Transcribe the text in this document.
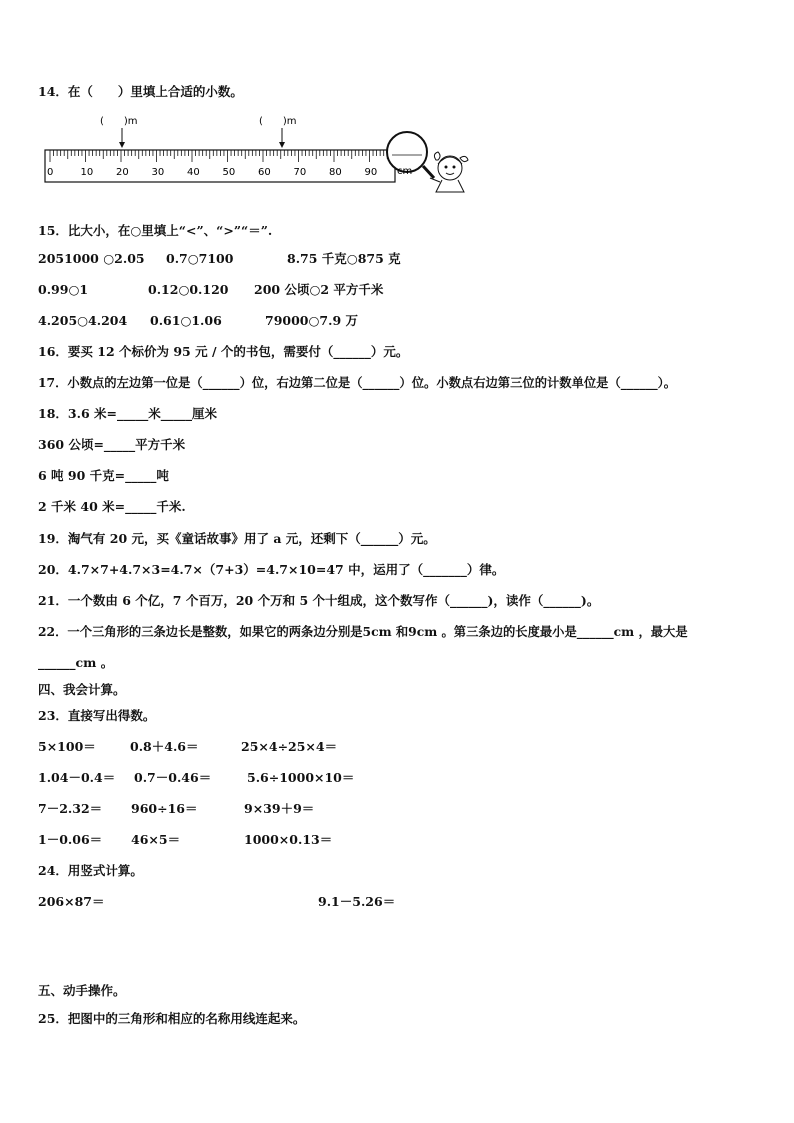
14．在（　　）里填上合适的小数。
(　　)m	(　　)m
0	10 20 30 40 50 60 70 80 90 cm
15．比大小，在○里填上“<”、“>”“＝”.
2051000 ○2.05 0.7○7100	8.75 千克○875 克
0.99○1	0.12○0.120 200 公顷○2 平方千米
4.205○4.204 0.61○1.06	79000○7.9 万
16．要买 12 个标价为 95 元 / 个的书包，需要付（______）元。
17．小数点的左边第一位是（______）位，右边第二位是（______）位。小数点右边第三位的计数单位是（______）。
18．3.6 米=_____米_____厘米
360 公顷=_____平方千米
6 吨 90 千克=_____吨
2 千米 40 米=_____千米.
19．淘气有 20 元，买《童话故事》用了 a 元，还剩下（______）元。
20．4.7×7+4.7×3=4.7×（7+3）=4.7×10=47 中，运用了（_______）律。
21．一个数由 6 个亿，7 个百万，20 个万和 5 个十组成，这个数写作（______)，读作（______)。
22．一个三角形的三条边长是整数，如果它的两条边分别是5cm 和9cm 。第三条边的长度最小是______cm ，最大是
______cm 。
四、我会计算。
23．直接写出得数。
5×100＝	0.8＋4.6＝	25×4÷25×4＝
1.04－0.4＝ 0.7－0.46＝	5.6÷1000×10＝
7－2.32＝ 960÷16＝	9×39＋9＝
1－0.06＝ 46×5＝	1000×0.13＝
24．用竖式计算。
206×87＝	9.1－5.26＝
五、动手操作。
25．把图中的三角形和相应的名称用线连起来。
